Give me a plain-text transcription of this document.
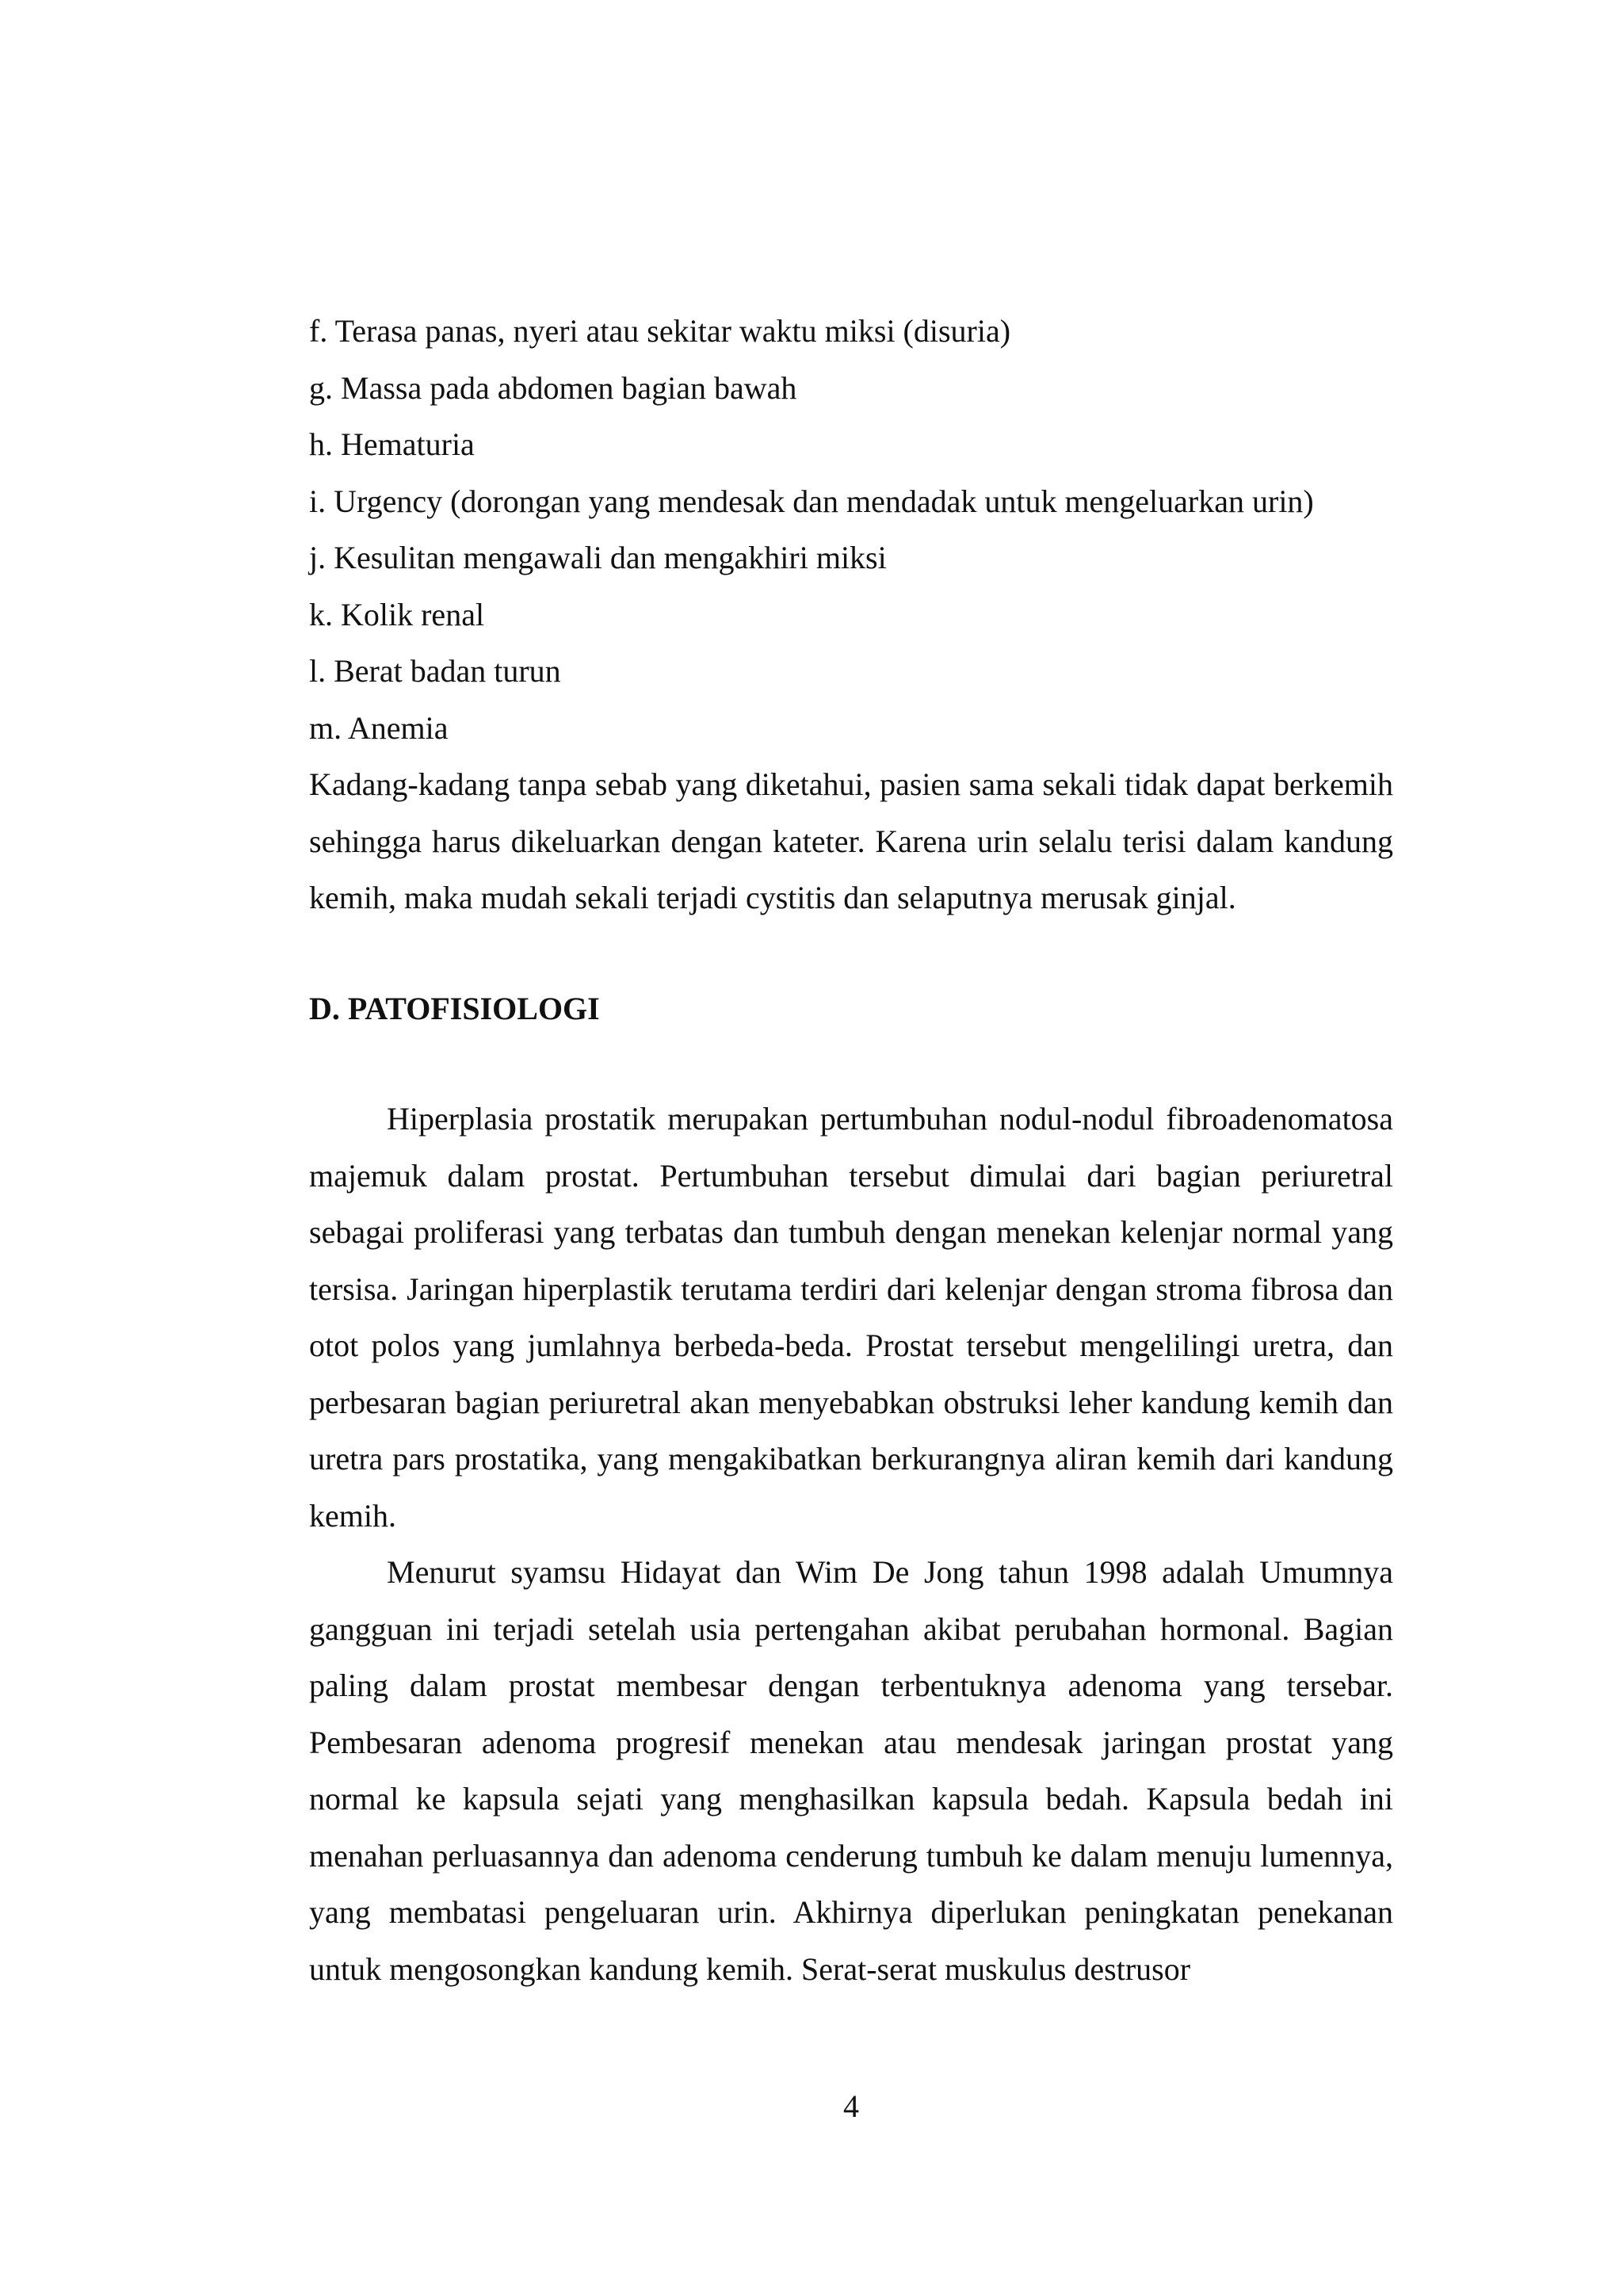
f. Terasa panas, nyeri atau sekitar waktu miksi (disuria)
g. Massa pada abdomen bagian bawah
h. Hematuria
i. Urgency (dorongan yang mendesak dan mendadak untuk mengeluarkan urin)
j. Kesulitan mengawali dan mengakhiri miksi
k. Kolik renal
l. Berat badan turun
m. Anemia

Kadang-kadang tanpa sebab yang diketahui, pasien sama sekali tidak dapat berkemih sehingga harus dikeluarkan dengan kateter. Karena urin selalu terisi dalam kandung kemih, maka mudah sekali terjadi cystitis dan selaputnya merusak ginjal.

D. PATOFISIOLOGI

Hiperplasia prostatik merupakan pertumbuhan nodul-nodul fibroadenomatosa majemuk dalam prostat. Pertumbuhan tersebut dimulai dari bagian periuretral sebagai proliferasi yang terbatas dan tumbuh dengan menekan kelenjar normal yang tersisa. Jaringan hiperplastik terutama terdiri dari kelenjar dengan stroma fibrosa dan otot polos yang jumlahnya berbeda-beda. Prostat tersebut mengelilingi uretra, dan perbesaran bagian periuretral akan menyebabkan obstruksi leher kandung kemih dan uretra pars prostatika, yang mengakibatkan berkurangnya aliran kemih dari kandung kemih.

Menurut syamsu Hidayat dan Wim De Jong tahun 1998 adalah Umumnya gangguan ini terjadi setelah usia pertengahan akibat perubahan hormonal. Bagian paling dalam prostat membesar dengan terbentuknya adenoma yang tersebar. Pembesaran adenoma progresif menekan atau mendesak jaringan prostat yang normal ke kapsula sejati yang menghasilkan kapsula bedah. Kapsula bedah ini menahan perluasannya dan adenoma cenderung tumbuh ke dalam menuju lumennya, yang membatasi pengeluaran urin. Akhirnya diperlukan peningkatan penekanan untuk mengosongkan kandung kemih. Serat-serat muskulus destrusor

4
